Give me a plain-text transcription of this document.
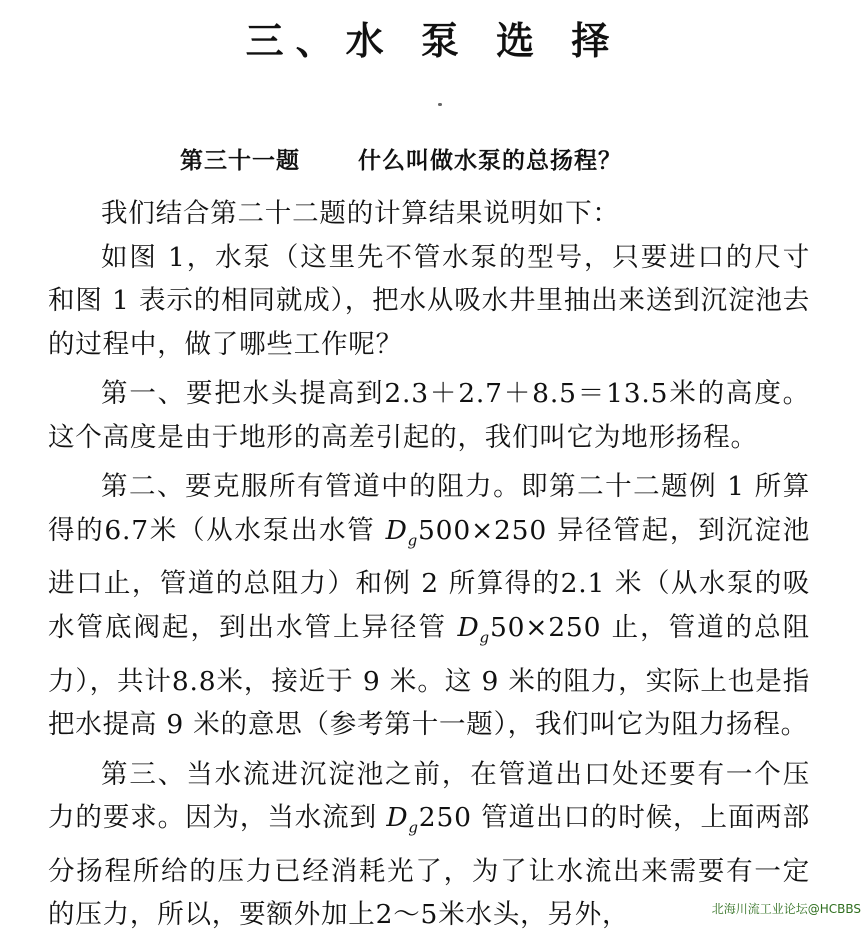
三、水 泵 选 择
第三十一题	什么叫做水泵的总扬程？

我们结合第二十二题的计算结果说明如下：

如图 1，水泵（这里先不管水泵的型号，只要进口的尺寸和图 1 表示的相同就成），把水从吸水井里抽出来送到沉淀池去的过程中，做了哪些工作呢？

第一、要把水头提高到2.3＋2.7＋8.5＝13.5米的高度。这个高度是由于地形的高差引起的，我们叫它为地形扬程。

第二、要克服所有管道中的阻力。即第二十二题例 1 所算得的6.7米（从水泵出水管 $D_g500\times 250$ 异径管起，到沉淀池进口止，管道的总阻力）和例 2 所算得的2.1 米（从水泵的吸水管底阀起，到出水管上异径管 $D_g50\times 250$ 止，管道的总阻力），共计8.8米，接近于 9 米。这 9 米的阻力，实际上也是指把水提高 9 米的意思（参考第十一题），我们叫它为阻力扬程。

第三、当水流进沉淀池之前，在管道出口处还要有一个压力的要求。因为，当水流到 $D_g250$ 管道出口的时候，上面两部分扬程所给的压力已经消耗光了，为了让水流出来需要有一定的压力，所以，要额外加上2～5米水头，另外，	北海川流工业论坛@HCBBS
